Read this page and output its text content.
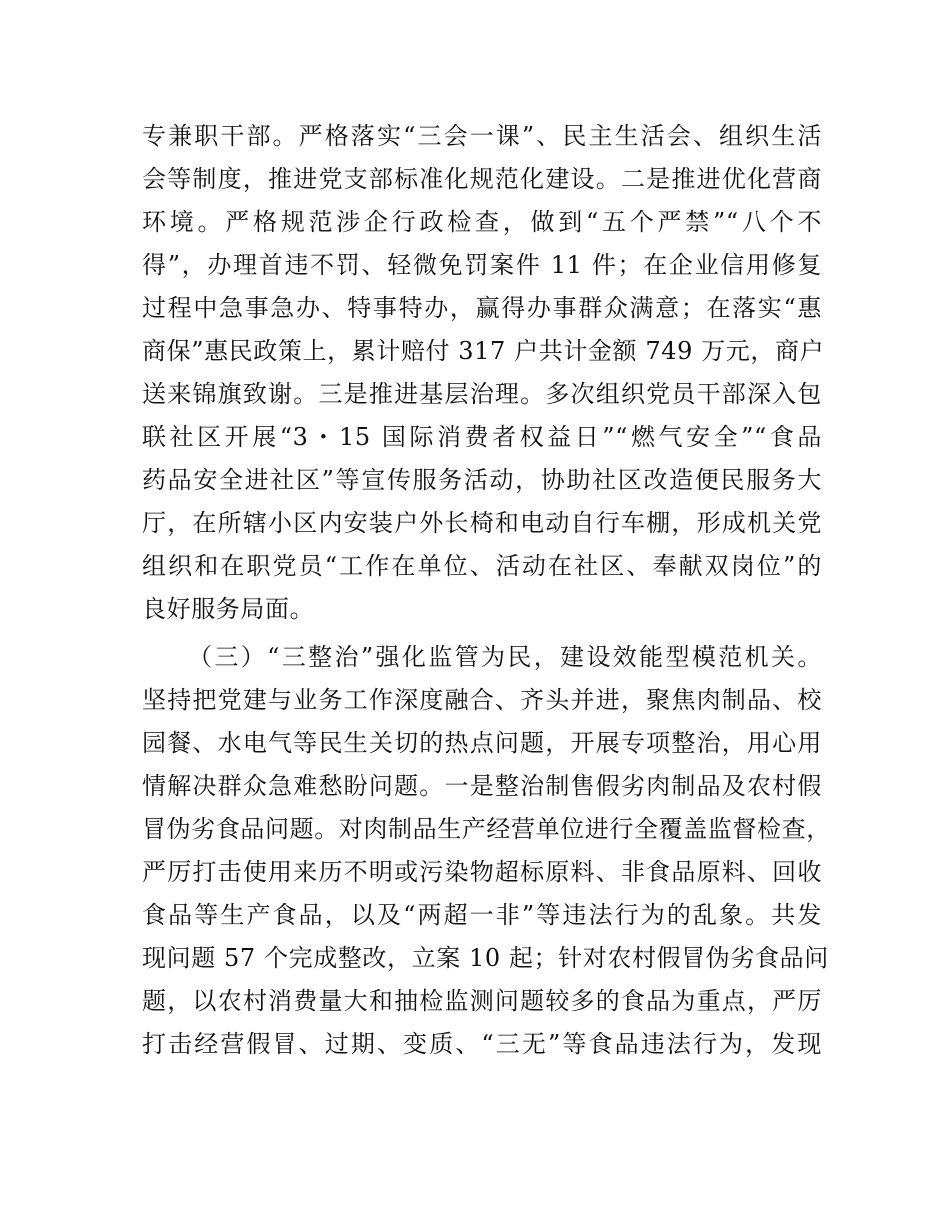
专兼职干部。严格落实“三会一课”、民主生活会、组织生活
会等制度，推进党支部标准化规范化建设。二是推进优化营商
环境。严格规范涉企行政检查，做到“五个严禁”“八个不
得”，办理首违不罚、轻微免罚案件 11 件；在企业信用修复
过程中急事急办、特事特办，赢得办事群众满意；在落实“惠
商保”惠民政策上，累计赔付 317 户共计金额 749 万元，商户
送来锦旗致谢。三是推进基层治理。多次组织党员干部深入包
联社区开展“3・15 国际消费者权益日”“燃气安全”“食品
药品安全进社区”等宣传服务活动，协助社区改造便民服务大
厅，在所辖小区内安装户外长椅和电动自行车棚，形成机关党
组织和在职党员“工作在单位、活动在社区、奉献双岗位”的
良好服务局面。
（三）“三整治”强化监管为民，建设效能型模范机关。
坚持把党建与业务工作深度融合、齐头并进，聚焦肉制品、校
园餐、水电气等民生关切的热点问题，开展专项整治，用心用
情解决群众急难愁盼问题。一是整治制售假劣肉制品及农村假
冒伪劣食品问题。对肉制品生产经营单位进行全覆盖监督检查，
严厉打击使用来历不明或污染物超标原料、非食品原料、回收
食品等生产食品，以及“两超一非”等违法行为的乱象。共发
现问题 57 个完成整改，立案 10 起；针对农村假冒伪劣食品问
题，以农村消费量大和抽检监测问题较多的食品为重点，严厉
打击经营假冒、过期、变质、“三无”等食品违法行为，发现
